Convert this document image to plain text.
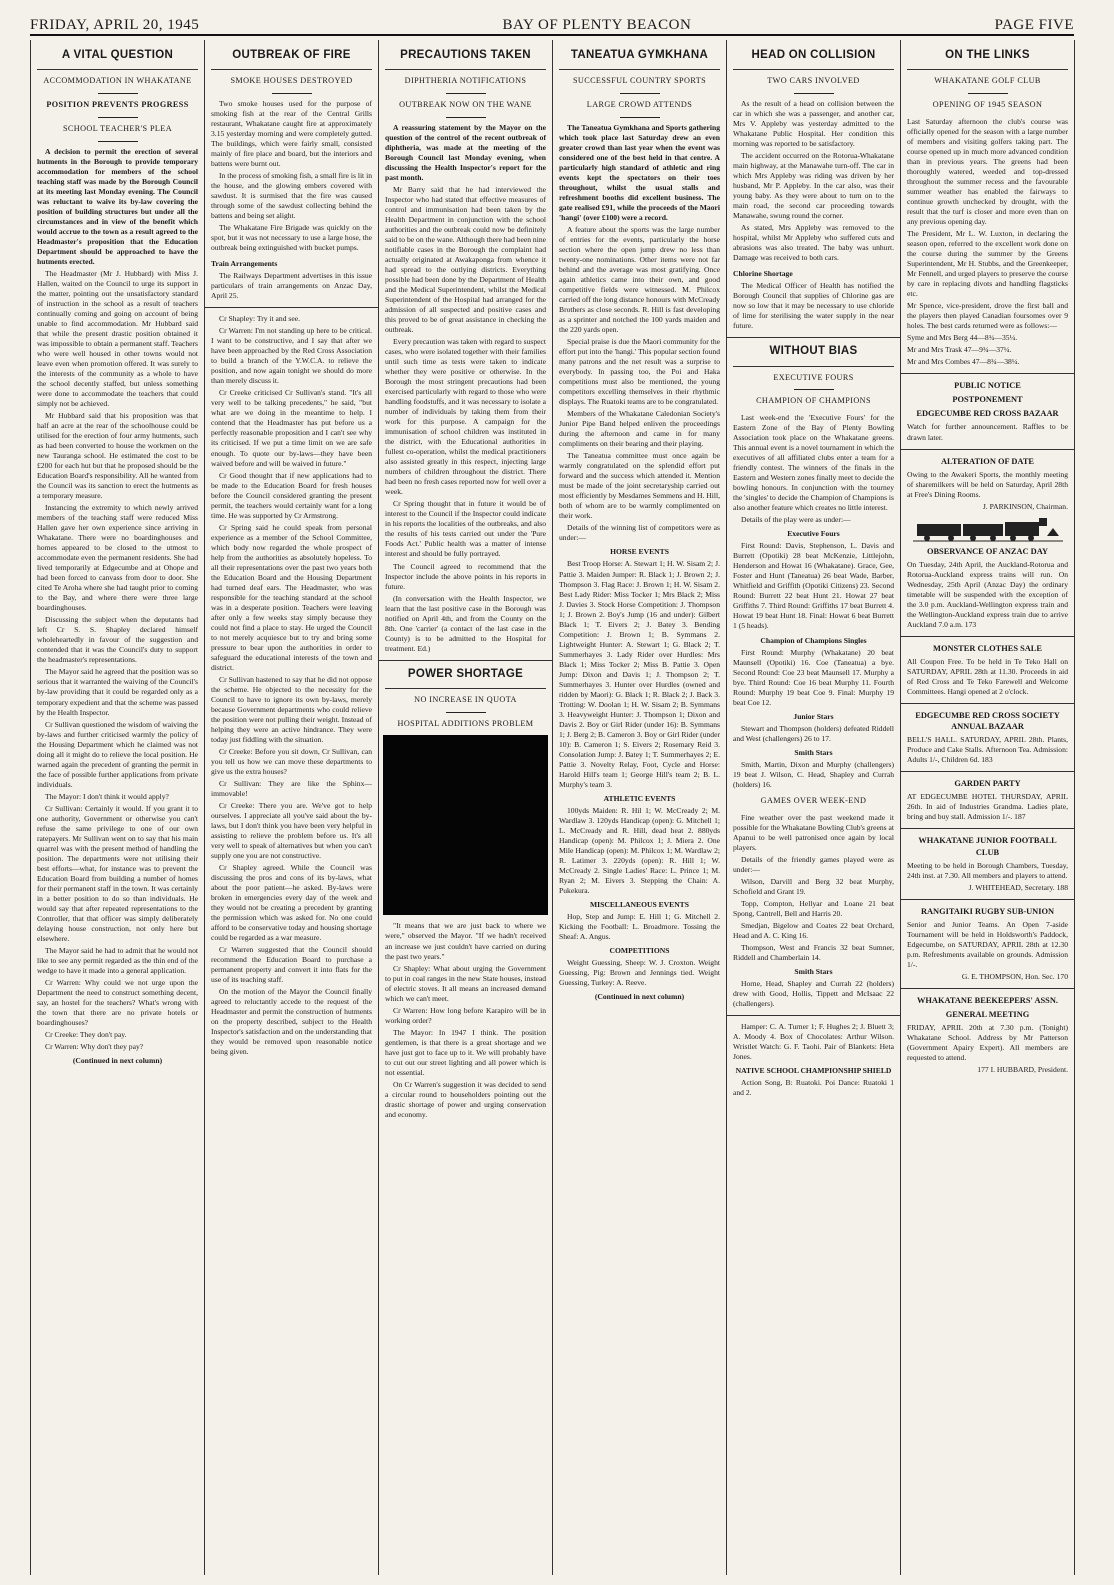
FRIDAY, APRIL 20, 1945	BAY OF PLENTY BEACON	PAGE FIVE
A VITAL QUESTION
ACCOMMODATION IN WHAKATANE
POSITION PREVENTS PROGRESS
SCHOOL TEACHER'S PLEA

A decision to permit the erection of several hutments in the Borough to provide temporary accommodation for members of the school teaching staff was made by the Borough Council at its meeting last Monday evening. The Council was reluctant to waive its by-law covering the position of building structures but under all the circumstances and in view of the benefit which would accrue to the town as a result agreed to the Headmaster's proposition that the Education Department should be approached to have the hutments erected.

The Headmaster (Mr J. Hubbard) with Miss J. Hallen, waited on the Council to urge its support in the matter, pointing out the unsatisfactory standard of instruction in the school as a result of teachers continually coming and going on account of being unable to find accommodation. Mr Hubbard said that while the present drastic position obtained it was impossible to obtain a permanent staff. Teachers who were well housed in other towns would not leave even when promotion offered. It was surely to the interests of the community as a whole to have the school decently staffed, but unless something were done to accommodate the teachers that could simply not be achieved.

Mr Hubbard said that his proposition was that half an acre at the rear of the schoolhouse could be utilised for the erection of four army hutments, such as had been converted to house the workmen on the new Tauranga school. He estimated the cost to be £200 for each hut but that he proposed should be the Education Board's responsibility. All he wanted from the Council was its sanction to erect the hutments as a temporary measure.

Instancing the extremity to which newly arrived members of the teaching staff were reduced Miss Hallen gave her own experience since arriving in Whakatane. There were no boardinghouses and homes appeared to be closed to the utmost to accommodate even the permanent residents. She had lived temporarily at Edgecumbe and at Ohope and had been forced to canvass from door to door. She cited Te Aroha where she had taught prior to coming to the Bay, and where there were three large boardinghouses.

Discussing the subject when the deputants had left Cr S. S. Shapley declared himself wholeheartedly in favour of the suggestion and contended that it was the Council's duty to support the headmaster's representations.

The Mayor said he agreed that the position was so serious that it warranted the waiving of the Council's by-law providing that it could be regarded only as a temporary expedient and that the scheme was passed by the Health Inspector.

Cr Sullivan questioned the wisdom of waiving the by-laws and further criticised warmly the policy of the Housing Department which he claimed was not doing all it might do to relieve the local position. He warned again the precedent of granting the permit in the face of possible further applications from private individuals.

The Mayor: I don't think it would apply?

Cr Sullivan: Certainly it would. If you grant it to one authority, Government or otherwise you can't refuse the same privilege to one of our own ratepayers. Mr Sullivan went on to say that his main quarrel was with the present method of handling the position. The departments were not utilising their best efforts—what, for instance was to prevent the Education Board from building a number of homes for their permanent staff in the town. It was certainly in a better position to do so than individuals. He would say that after repeated representations to the Controller, that that officer was simply deliberately delaying house construction, not only here but elsewhere.

The Mayor said he had to admit that he would not like to see any permit regarded as the thin end of the wedge to have it made into a general application.

Cr Warren: Why could we not urge upon the Department the need to construct something decent, say, an hostel for the teachers? What's wrong with the town that there are no private hotels or boardinghouses?

Cr Creeke: They don't pay.

Cr Warren: Why don't they pay?

(Continued in next column)

OUTBREAK OF FIRE
SMOKE HOUSES DESTROYED

Two smoke houses used for the purpose of smoking fish at the rear of the Central Grills restaurant, Whakatane caught fire at approximately 3.15 yesterday morning and were completely gutted. The buildings, which were fairly small, consisted mainly of fire place and board, but the interiors and battens were burnt out.

In the process of smoking fish, a small fire is lit in the house, and the glowing embers covered with sawdust. It is surmised that the fire was caused through some of the sawdust collecting behind the battens and being set alight.

The Whakatane Fire Brigade was quickly on the spot, but it was not necessary to use a large hose, the outbreak being extinguished with bucket pumps.

Train Arrangements

The Railways Department advertises in this issue particulars of train arrangements on Anzac Day, April 25.

Cr Shapley: Try it and see.

Cr Warren: I'm not standing up here to be critical. I want to be constructive, and I say that after we have been approached by the Red Cross Association to build a branch of the Y.W.C.A. to relieve the position, and now again tonight we should do more than merely discuss it.

Cr Creeke criticised Cr Sullivan's stand. "It's all very well to be talking precedents," he said, "but what are we doing in the meantime to help. I contend that the Headmaster has put before us a perfectly reasonable proposition and I can't see why its criticised. If we put a time limit on we are safe enough. To quote our by-laws—they have been waived before and will be waived in future."

Cr Good thought that if new applications had to be made to the Education Board for fresh houses before the Council considered granting the present permit, the teachers would certainly want for a long time. He was supported by Cr Armstrong.

Cr Spring said he could speak from personal experience as a member of the School Committee, which body now regarded the whole prospect of help from the authorities as absolutely hopeless. To all their representations over the past two years both the Education Board and the Housing Department had turned deaf ears. The Headmaster, who was responsible for the teaching standard at the school was in a desperate position. Teachers were leaving after only a few weeks stay simply because they could not find a place to stay. He urged the Council to not merely acquiesce but to try and bring some pressure to bear upon the authorities in order to safeguard the educational interests of the town and district.

Cr Sullivan hastened to say that he did not oppose the scheme. He objected to the necessity for the Council to have to ignore its own by-laws, merely because Government departments who could relieve the position were not pulling their weight. Instead of helping they were an active hindrance. They were today just fiddling with the situation.

Cr Creeke: Before you sit down, Cr Sullivan, can you tell us how we can move these departments to give us the extra houses?

Cr Sullivan: They are like the Sphinx—immovable!

Cr Creeke: There you are. We've got to help ourselves. I appreciate all you've said about the by-laws, but I don't think you have been very helpful in assisting to relieve the problem before us. It's all very well to speak of alternatives but when you can't supply one you are not constructive.

Cr Shapley agreed. While the Council was discussing the pros and cons of its by-laws, what about the poor patient—he asked. By-laws were broken in emergencies every day of the week and they would not be creating a precedent by granting the permission which was asked for. No one could afford to be conservative today and housing shortage could be regarded as a war measure.

Cr Warren suggested that the Council should recommend the Education Board to purchase a permanent property and convert it into flats for the use of its teaching staff.

On the motion of the Mayor the Council finally agreed to reluctantly accede to the request of the Headmaster and permit the construction of hutments on the property described, subject to the Health Inspector's satisfaction and on the understanding that they would be removed upon reasonable notice being given.

PRECAUTIONS TAKEN
DIPHTHERIA NOTIFICATIONS
OUTBREAK NOW ON THE WANE

A reassuring statement by the Mayor on the question of the control of the recent outbreak of diphtheria, was made at the meeting of the Borough Council last Monday evening, when discussing the Health Inspector's report for the past month.

Mr Barry said that he had interviewed the Inspector who had stated that effective measures of control and immunisation had been taken by the Health Department in conjunction with the school authorities and the outbreak could now be definitely said to be on the wane. Although there had been nine notifiable cases in the Borough the complaint had actually originated at Awakaponga from whence it had spread to the outlying districts. Everything possible had been done by the Department of Health and the Medical Superintendent, whilst the Medical Superintendent of the Hospital had arranged for the admission of all suspected and positive cases and this proved to be of great assistance in checking the outbreak.

Every precaution was taken with regard to suspect cases, who were isolated together with their families until such time as tests were taken to indicate whether they were positive or otherwise. In the Borough the most stringent precautions had been exercised particularly with regard to those who were handling foodstuffs, and it was necessary to isolate a number of individuals by taking them from their work for this purpose. A campaign for the immunisation of school children was instituted in the district, with the Educational authorities in fullest co-operation, whilst the medical practitioners also assisted greatly in this respect, injecting large numbers of children throughout the district. There had been no fresh cases reported now for well over a week.

Cr Spring thought that in future it would be of interest to the Council if the Inspector could indicate in his reports the localities of the outbreaks, and also the results of his tests carried out under the 'Pure Foods Act.' Public health was a matter of intense interest and should be fully portrayed.

The Council agreed to recommend that the Inspector include the above points in his reports in future.

(In conversation with the Health Inspector, we learn that the last positive case in the Borough was notified on April 4th, and from the County on the 8th. One 'carrier' (a contact of the last case in the County) is to be admitted to the Hospital for treatment. Ed.)

POWER SHORTAGE
NO INCREASE IN QUOTA
HOSPITAL ADDITIONS PROBLEM

"It means that we are just back to where we were," observed the Mayor. "If we hadn't received an increase we just couldn't have carried on during the past two years."

Cr Shapley: What about urging the Government to put in coal ranges in the new State houses, instead of electric stoves. It all means an increased demand which we can't meet.

Cr Warren: How long before Karapiro will be in working order?

The Mayor: In 1947 I think. The position gentlemen, is that there is a great shortage and we have just got to face up to it. We will probably have to cut out our street lighting and all power which is not essential.

On Cr Warren's suggestion it was decided to send a circular round to householders pointing out the drastic shortage of power and urging conservation and economy.

TANEATUA GYMKHANA
SUCCESSFUL COUNTRY SPORTS
LARGE CROWD ATTENDS

The Taneatua Gymkhana and Sports gathering which took place last Saturday drew an even greater crowd than last year when the event was considered one of the best held in that centre. A particularly high standard of athletic and ring events kept the spectators on their toes throughout, whilst the usual stalls and refreshment booths did excellent business. The gate realised £91, while the proceeds of the Maori 'hangi' (over £100) were a record.

A feature about the sports was the large number of entries for the events, particularly the horse section where the open jump drew no less than twenty-one nominations. Other items were not far behind and the average was most gratifying. Once again athletics came into their own, and good competitive fields were witnessed. M. Philcox carried off the long distance honours with McCready Brothers as close seconds. R. Hill is fast developing as a sprinter and notched the 100 yards maiden and the 220 yards open.

Special praise is due the Maori community for the effort put into the 'hangi.' This popular section found many patrons and the net result was a surprise to everybody. In passing too, the Poi and Haka competitions must also be mentioned, the young competitors excelling themselves in their rhythmic displays. The Ruatoki teams are to be congratulated.

Members of the Whakatane Caledonian Society's Junior Pipe Band helped enliven the proceedings during the afternoon and came in for many compliments on their bearing and their playing.

The Taneatua committee must once again be warmly congratulated on the splendid effort put forward and the success which attended it. Mention must be made of the joint secretaryship carried out most efficiently by Mesdames Semmens and H. Hill, both of whom are to be warmly complimented on their work.

Details of the winning list of competitors were as under:—

HORSE EVENTS

Best Troop Horse: A. Stewart 1; H. W. Sisam 2; J. Pattie 3. Maiden Jumper: R. Black 1; J. Brown 2; J. Thompson 3. Flag Race: J. Brown 1; H. W. Sisam 2. Best Lady Rider: Miss Tocker 1; Mrs Black 2; Miss J. Davies 3. Stock Horse Competition: J. Thompson 1; J. Brown 2. Boy's Jump (16 and under): Gilbert Black 1; T. Eivers 2; J. Batey 3. Bending Competition: J. Brown 1; B. Symmans 2. Lightweight Hunter: A. Stewart 1; G. Black 2; T. Summerhayes 3. Lady Rider over Hurdles: Mrs Black 1; Miss Tocker 2; Miss B. Pattie 3. Open Jump: Dixon and Davis 1; J. Thompson 2; T. Summerhayes 3. Hunter over Hurdles (owned and ridden by Maori): G. Black 1; R. Black 2; J. Back 3. Trotting: W. Doolan 1; H. W. Sisam 2; B. Symmans 3. Heavyweight Hunter: J. Thompson 1; Dixon and Davis 2. Boy or Girl Rider (under 16): B. Symmans 1; J. Berg 2; B. Cameron 3. Boy or Girl Rider (under 10): B. Cameron 1; S. Eivers 2; Rosemary Reid 3. Consolation Jump: J. Batey 1; T. Summerhayes 2; E. Pattie 3. Novelty Relay, Foot, Cycle and Horse: Harold Hill's team 1; George Hill's team 2; B. L. Murphy's team 3.

ATHLETIC EVENTS

100yds Maiden: R. Hil 1; W. McCready 2; M. Wardlaw 3. 120yds Handicap (open): G. Mitchell 1; L. McCready and R. Hill, dead heat 2. 880yds Handicap (open): M. Philcox 1; J. Miera 2. One Mile Handicap (open): M. Philcox 1; M. Wardlaw 2; R. Latimer 3. 220yds (open): R. Hill 1; W. McCready 2. Single Ladies' Race: L. Prince 1; M. Ryan 2; M. Eivers 3. Stepping the Chain: A. Pukekura.

MISCELLANEOUS EVENTS

Hop, Step and Jump: E. Hill 1; G. Mitchell 2. Kicking the Football: L. Broadmore. Tossing the Sheaf: A. Angus.

COMPETITIONS

Weight Guessing, Sheep: W. J. Croxton. Weight Guessing, Pig: Brown and Jennings tied. Weight Guessing, Turkey: A. Reeve.

(Continued in next column)

HEAD ON COLLISION
TWO CARS INVOLVED

As the result of a head on collision between the car in which she was a passenger, and another car, Mrs V. Appleby was yesterday admitted to the Whakatane Public Hospital. Her condition this morning was reported to be satisfactory.

The accident occurred on the Rotorua-Whakatane main highway, at the Manawahe turn-off. The car in which Mrs Appleby was riding was driven by her husband, Mr P. Appleby. In the car also, was their young baby. As they were about to turn on to the main road, the second car proceeding towards Manawahe, swung round the corner.

As stated, Mrs Appleby was removed to the hospital, whilst Mr Appleby who suffered cuts and abrasions was also treated. The baby was unhurt. Damage was received to both cars.

Chlorine Shortage

The Medical Officer of Health has notified the Borough Council that supplies of Chlorine gas are now so low that it may be necessary to use chloride of lime for sterilising the water supply in the near future.

WITHOUT BIAS
EXECUTIVE FOURS
CHAMPION OF CHAMPIONS

Last week-end the 'Executive Fours' for the Eastern Zone of the Bay of Plenty Bowling Association took place on the Whakatane greens. This annual event is a novel tournament in which the executives of all affiliated clubs enter a team for a friendly contest. The winners of the finals in the Eastern and Western zones finally meet to decide the bowling honours. In conjunction with the tourney the 'singles' to decide the Champion of Champions is also another feature which creates no little interest.

Details of the play were as under:—

Executive Fours

First Round: Davis, Stephenson, L. Davis and Burrett (Opotiki) 28 beat McKenzie, Littlejohn, Henderson and Howat 16 (Whakatane). Grace, Gee, Foster and Hunt (Taneatua) 26 beat Wade, Barber, Whitfield and Griffith (Opotiki Citizens) 23. Second Round: Burrett 22 beat Hunt 21. Howat 27 beat Griffiths 7. Third Round: Griffiths 17 beat Burrett 4. Howat 19 beat Hunt 18. Final: Howat 6 beat Burrett 1 (5 heads).

Champion of Champions Singles

First Round: Murphy (Whakatane) 20 beat Maunsell (Opotiki) 16. Coe (Taneatua) a bye. Second Round: Coe 23 beat Maunsell 17. Murphy a bye. Third Round: Coe 16 beat Murphy 11. Fourth Round: Murphy 19 beat Coe 9. Final: Murphy 19 beat Coe 12.

Junior Stars

Stewart and Thompson (holders) defeated Riddell and West (challengers) 26 to 17.

Smith Stars

Smith, Martin, Dixon and Murphy (challengers) 19 beat J. Wilson, C. Head, Shapley and Currah (holders) 16.

GAMES OVER WEEK-END

Fine weather over the past weekend made it possible for the Whakatane Bowling Club's greens at Apanui to be well patronised once again by local players.

Details of the friendly games played were as under:—

Wilson, Darvill and Berg 32 beat Murphy, Schofield and Grant 19.

Topp, Compton, Hellyar and Loane 21 beat Spong, Cantrell, Bell and Harris 20.

Smedjan, Bigelow and Coates 22 beat Orchard, Head and A. C. King 16.

Thompson, West and Francis 32 beat Sumner, Riddell and Chamberlain 14.

Smith Stars

Horne, Head, Shapley and Currah 22 (holders) drew with Good, Hollis, Tippett and McIsaac 22 (challengers).

Hamper: C. A. Turner 1; F. Hughes 2; J. Bluett 3; A. Moody 4. Box of Chocolates: Arthur Wilson. Wristlet Watch: G. F. Taohi. Pair of Blankets: Heta Jones.

NATIVE SCHOOL CHAMPIONSHIP SHIELD

Action Song, B: Ruatoki. Poi Dance: Ruatoki 1 and 2.

ON THE LINKS
WHAKATANE GOLF CLUB
OPENING OF 1945 SEASON

Last Saturday afternoon the club's course was officially opened for the season with a large number of members and visiting golfers taking part. The course opened up in much more advanced condition than in previous years. The greens had been thoroughly watered, weeded and top-dressed throughout the summer recess and the favourable summer weather has enabled the fairways to continue growth unchecked by drought, with the result that the turf is closer and more even than on any previous opening day.

The President, Mr L. W. Luxton, in declaring the season open, referred to the excellent work done on the course during the summer by the Greens Superintendent, Mr H. Stubbs, and the Greenkeeper, Mr Fennell, and urged players to preserve the course by care in replacing divots and handling flagsticks etc.

Mr Spence, vice-president, drove the first ball and the players then played Canadian foursomes over 9 holes. The best cards returned were as follows:—

Syme and Mrs Berg 44—8¾—35¼.

Mr and Mrs Trask 47—9¾—37¼.

Mr and Mrs Combes 47—8¾—38¼.

PUBLIC NOTICE
POSTPONEMENT
EDGECUMBE RED CROSS BAZAAR

Watch for further announcement. Raffles to be drawn later.

ALTERATION OF DATE

Owing to the Awakeri Sports, the monthly meeting of sharemilkers will be held on Saturday, April 28th at Free's Dining Rooms.

J. PARKINSON, Chairman.

OBSERVANCE OF ANZAC DAY

On Tuesday, 24th April, the Auckland-Rotorua and Rotorua-Auckland express trains will run. On Wednesday, 25th April (Anzac Day) the ordinary timetable will be suspended with the exception of the 3.0 p.m. Auckland-Wellington express train and the Wellington-Auckland express train due to arrive Auckland 7.0 a.m. 173

MONSTER CLOTHES SALE

All Coupon Free. To be held in Te Teko Hall on SATURDAY, APRIL 28th at 11.30. Proceeds in aid of Red Cross and Te Teko Farewell and Welcome Committees. Hangi opened at 2 o'clock.

EDGECUMBE RED CROSS SOCIETY ANNUAL BAZAAR

BELL'S HALL. SATURDAY, APRIL 28th. Plants, Produce and Cake Stalls. Afternoon Tea. Admission: Adults 1/-, Children 6d. 183

GARDEN PARTY

AT EDGECUMBE HOTEL THURSDAY, APRIL 26th. In aid of Industries Grandma. Ladies plate, bring and buy stall. Admission 1/-. 187

WHAKATANE JUNIOR FOOTBALL CLUB

Meeting to be held in Borough Chambers, Tuesday, 24th inst. at 7.30. All members and players to attend.

J. WHITEHEAD, Secretary. 188

RANGITAIKI RUGBY SUB-UNION

Senior and Junior Teams. An Open 7-aside Tournament will be held in Holdsworth's Paddock, Edgecumbe, on SATURDAY, APRIL 28th at 12.30 p.m. Refreshments available on grounds. Admission 1/-.

G. E. THOMPSON, Hon. Sec. 170

WHAKATANE BEEKEEPERS' ASSN.
GENERAL MEETING

FRIDAY, APRIL 20th at 7.30 p.m. (Tonight) Whakatane School. Address by Mr Patterson (Government Apairy Expert). All members are requested to attend.

177 I. HUBBARD, President.
